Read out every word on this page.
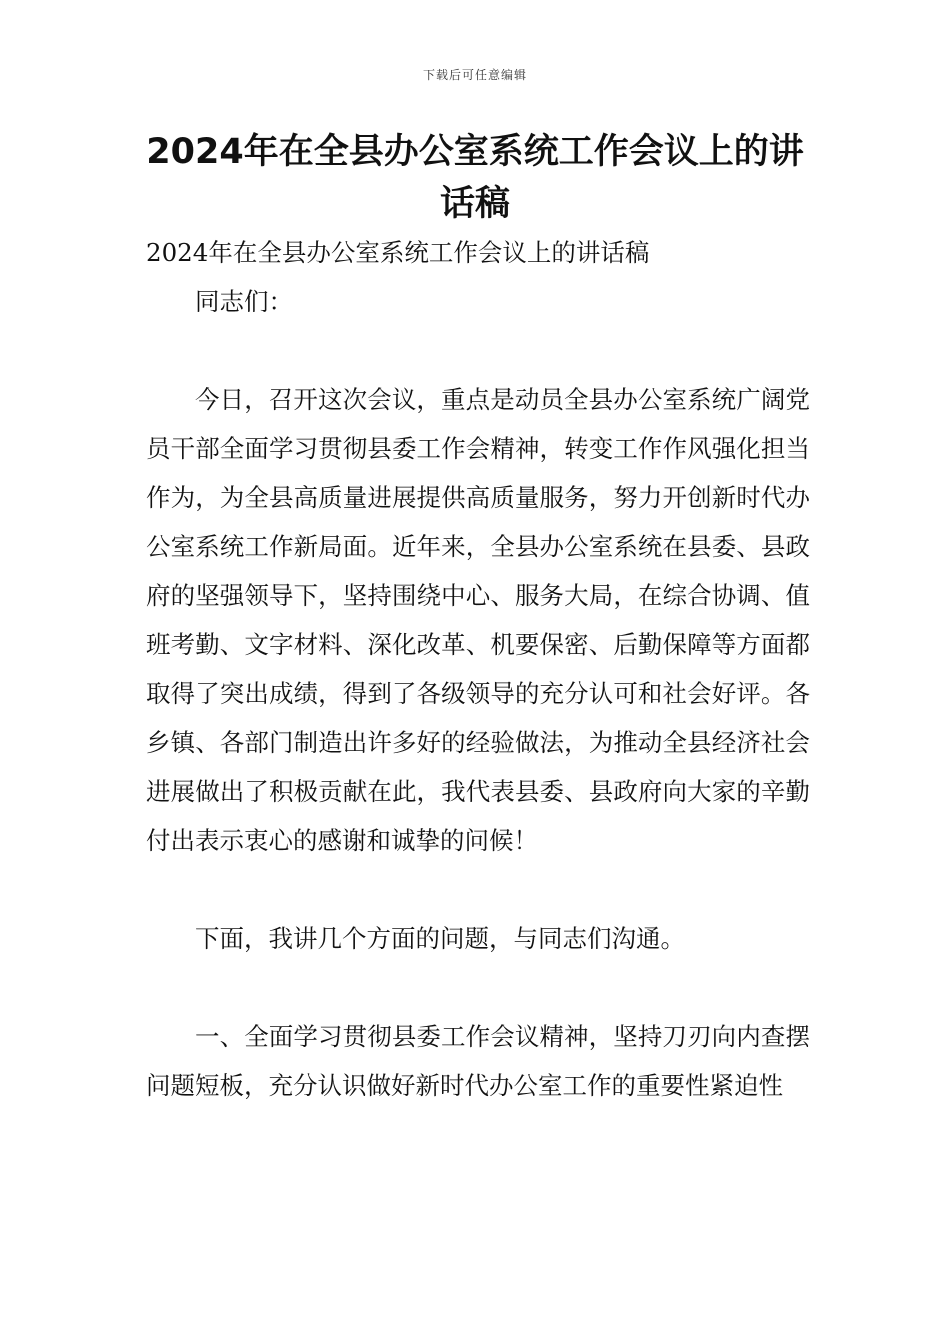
下载后可任意编辑
2024年在全县办公室系统工作会议上的讲话稿

2024年在全县办公室系统工作会议上的讲话稿

同志们：

今日，召开这次会议，重点是动员全县办公室系统广阔党员干部全面学习贯彻县委工作会精神，转变工作作风强化担当作为，为全县高质量进展提供高质量服务，努力开创新时代办公室系统工作新局面。近年来，全县办公室系统在县委、县政府的坚强领导下，坚持围绕中心、服务大局，在综合协调、值班考勤、文字材料、深化改革、机要保密、后勤保障等方面都取得了突出成绩，得到了各级领导的充分认可和社会好评。各乡镇、各部门制造出许多好的经验做法，为推动全县经济社会进展做出了积极贡献在此，我代表县委、县政府向大家的辛勤付出表示衷心的感谢和诚挚的问候！

下面，我讲几个方面的问题，与同志们沟通。

一、全面学习贯彻县委工作会议精神，坚持刀刃向内查摆问题短板，充分认识做好新时代办公室工作的重要性紧迫性
